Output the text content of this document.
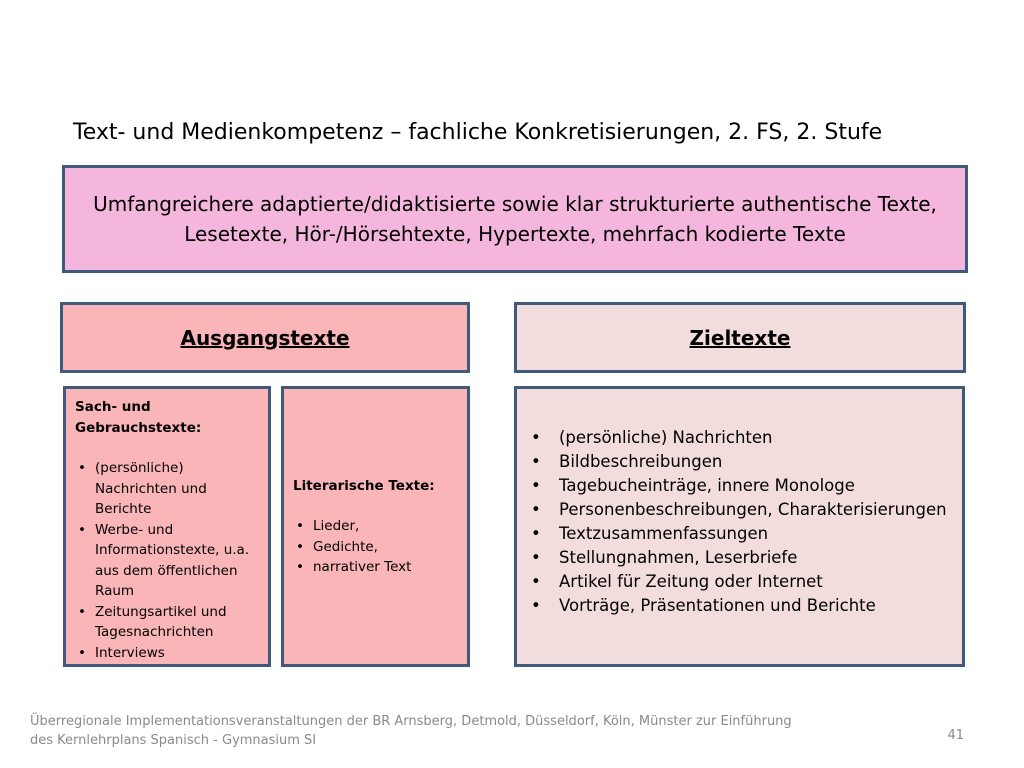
Text- und Medienkompetenz – fachliche Konkretisierungen, 2. FS, 2. Stufe
Umfangreichere adaptierte/didaktisierte sowie klar strukturierte authentische Texte,
Lesetexte, Hör-/Hörsehtexte, Hypertexte, mehrfach kodierte Texte
Ausgangstexte	Zieltexte
Sach- und Gebrauchstexte:
• (persönliche) Nachrichten und Berichte
• Werbe- und Informationstexte, u.a. aus dem öffentlichen Raum
• Zeitungsartikel und Tagesnachrichten
• Interviews
Literarische Texte:
• Lieder,
• Gedichte,
• narrativer Text
• (persönliche) Nachrichten
• Bildbeschreibungen
• Tagebucheinträge, innere Monologe
• Personenbeschreibungen, Charakterisierungen
• Textzusammenfassungen
• Stellungnahmen, Leserbriefe
• Artikel für Zeitung oder Internet
• Vorträge, Präsentationen und Berichte
Überregionale Implementationsveranstaltungen der BR Arnsberg, Detmold, Düsseldorf, Köln, Münster zur Einführung
des Kernlehrplans Spanisch - Gymnasium SI	41
